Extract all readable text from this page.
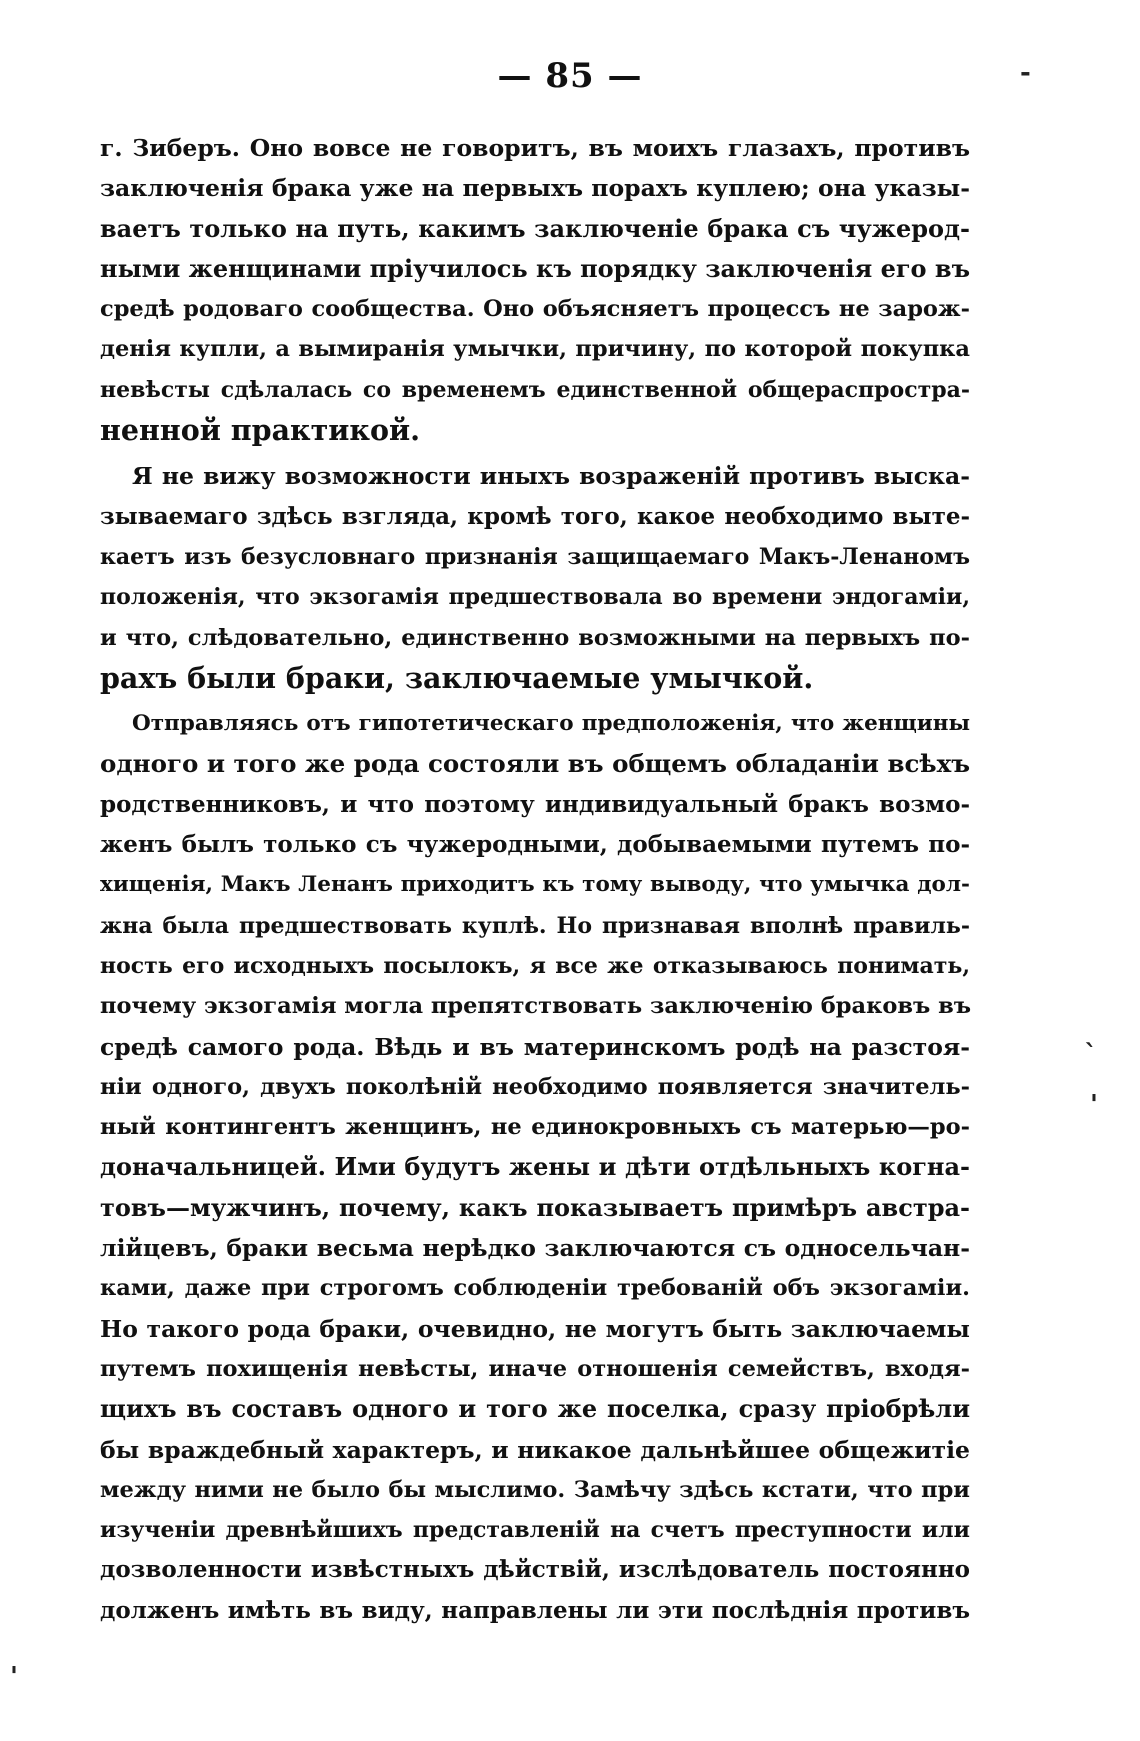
— 85 —	-
`
'
'
г. Зиберъ. Оно вовсе не говоритъ, въ моихъ глазахъ, противъ
заключенія брака уже на первыхъ порахъ куплею; она указы-
ваетъ только на путь, какимъ заключеніе брака съ чужерод-
ными женщинами пріучилось къ порядку заключенія его въ
средѣ родоваго сообщества. Оно объясняетъ процессъ не зарож-
денія купли, а вымиранія умычки, причину, по которой покупка
невѣсты сдѣлалась со временемъ единственной общераспростра-
ненной практикой.
Я не вижу возможности иныхъ возраженій противъ выска-
зываемаго здѣсь взгляда, кромѣ того, какое необходимо выте-
каетъ изъ безусловнаго признанія защищаемаго Макъ-Ленаномъ
положенія, что экзогамія предшествовала во времени эндогаміи,
и что, слѣдовательно, единственно возможными на первыхъ по-
рахъ были браки, заключаемые умычкой.
Отправляясь отъ гипотетическаго предположенія, что женщины
одного и того же рода состояли въ общемъ обладаніи всѣхъ
родственниковъ, и что поэтому индивидуальный бракъ возмо-
женъ былъ только съ чужеродными, добываемыми путемъ по-
хищенія, Макъ Ленанъ приходитъ къ тому выводу, что умычка дол-
жна была предшествовать куплѣ. Но признавая вполнѣ правиль-
ность его исходныхъ посылокъ, я все же отказываюсь понимать,
почему экзогамія могла препятствовать заключенію браковъ въ
средѣ самого рода. Вѣдь и въ материнскомъ родѣ на разстоя-
ніи одного, двухъ поколѣній необходимо появляется значитель-
ный контингентъ женщинъ, не единокровныхъ съ матерью—ро-
доначальницей. Ими будутъ жены и дѣти отдѣльныхъ когна-
товъ—мужчинъ, почему, какъ показываетъ примѣръ австра-
лійцевъ, браки весьма нерѣдко заключаются съ односельчан-
ками, даже при строгомъ соблюденіи требованій объ экзогаміи.
Но такого рода браки, очевидно, не могутъ быть заключаемы
путемъ похищенія невѣсты, иначе отношенія семействъ, входя-
щихъ въ составъ одного и того же поселка, сразу пріобрѣли
бы враждебный характеръ, и никакое дальнѣйшее общежитіе
между ними не было бы мыслимо. Замѣчу здѣсь кстати, что при
изученіи древнѣйшихъ представленій на счетъ преступности или
дозволенности извѣстныхъ дѣйствій, изслѣдователь постоянно
долженъ имѣть въ виду, направлены ли эти послѣднія противъ
